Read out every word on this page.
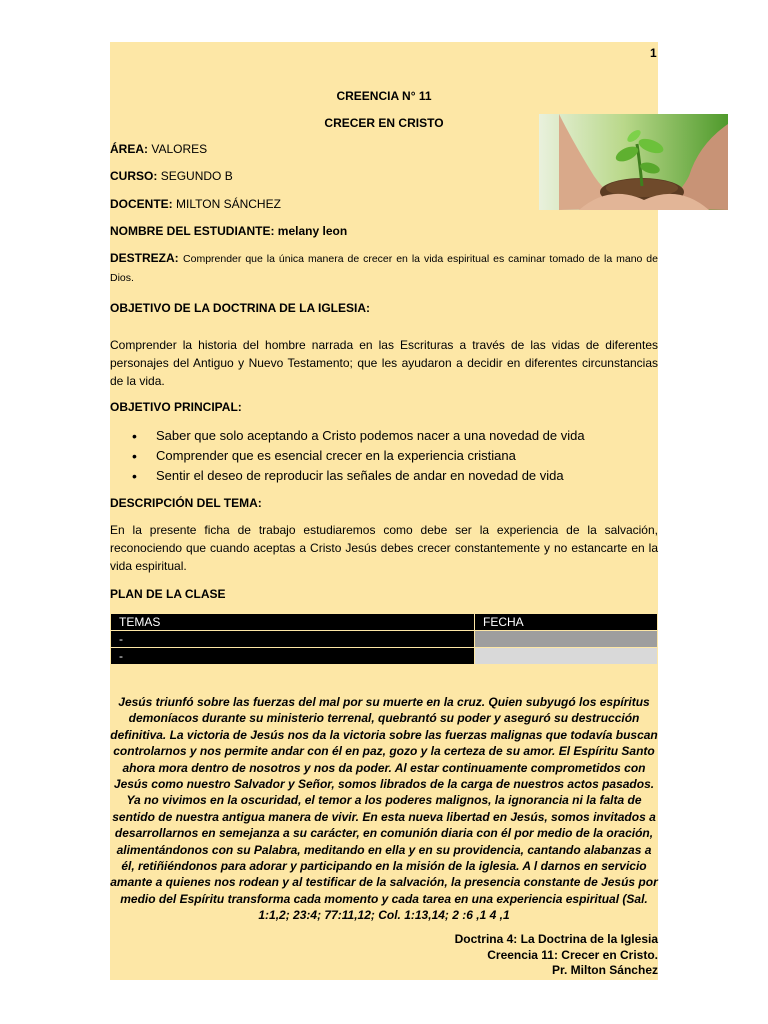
1
CREENCIA N° 11
CRECER EN CRISTO
ÁREA: VALORES
CURSO: SEGUNDO B
DOCENTE: MILTON SÁNCHEZ
NOMBRE DEL ESTUDIANTE: melany leon
DESTREZA: Comprender que la única manera de crecer en la vida espiritual es caminar tomado de la mano de Dios.
OBJETIVO DE LA DOCTRINA DE LA IGLESIA:
Comprender la historia del hombre narrada en las Escrituras a través de las vidas de diferentes personajes del Antiguo y Nuevo Testamento; que les ayudaron a decidir en diferentes circunstancias de la vida.
OBJETIVO PRINCIPAL:
• Saber que solo aceptando a Cristo podemos nacer a una novedad de vida
• Comprender que es esencial crecer en la experiencia cristiana
• Sentir el deseo de reproducir las señales de andar en novedad de vida
DESCRIPCIÓN DEL TEMA:
En la presente ficha de trabajo estudiaremos como debe ser la experiencia de la salvación, reconociendo que cuando aceptas a Cristo Jesús debes crecer constantemente y no estancarte en la vida espiritual.
PLAN DE LA CLASE
TEMAS	FECHA
-	
-	
Jesús triunfó sobre las fuerzas del mal por su muerte en la cruz. Quien subyugó los espíritus demoníacos durante su ministerio terrenal, quebrantó su poder y aseguró su destrucción definitiva. La victoria de Jesús nos da la victoria sobre las fuerzas malignas que todavía buscan controlarnos y nos permite andar con él en paz, gozo y la certeza de su amor. El Espíritu Santo ahora mora dentro de nosotros y nos da poder. Al estar continuamente comprometidos con Jesús como nuestro Salvador y Señor, somos librados de la carga de nuestros actos pasados. Ya no vivimos en la oscuridad, el temor a los poderes malignos, la ignorancia ni la falta de sentido de nuestra antigua manera de vivir. En esta nueva libertad en Jesús, somos invitados a desarrollarnos en semejanza a su carácter, en comunión diaria con él por medio de la oración, alimentándonos con su Palabra, meditando en ella y en su providencia, cantando alabanzas a él, retiñiéndonos para adorar y participando en la misión de la iglesia. A l darnos en servicio amante a quienes nos rodean y al testificar de la salvación, la presencia constante de Jesús por medio del Espíritu transforma cada momento y cada tarea en una experiencia espiritual (Sal. 1:1,2; 23:4; 77:11,12; Col. 1:13,14; 2 :6 ,1 4 ,1
Doctrina 4: La Doctrina de la Iglesia
Creencia 11: Crecer en Cristo.
Pr. Milton Sánchez
